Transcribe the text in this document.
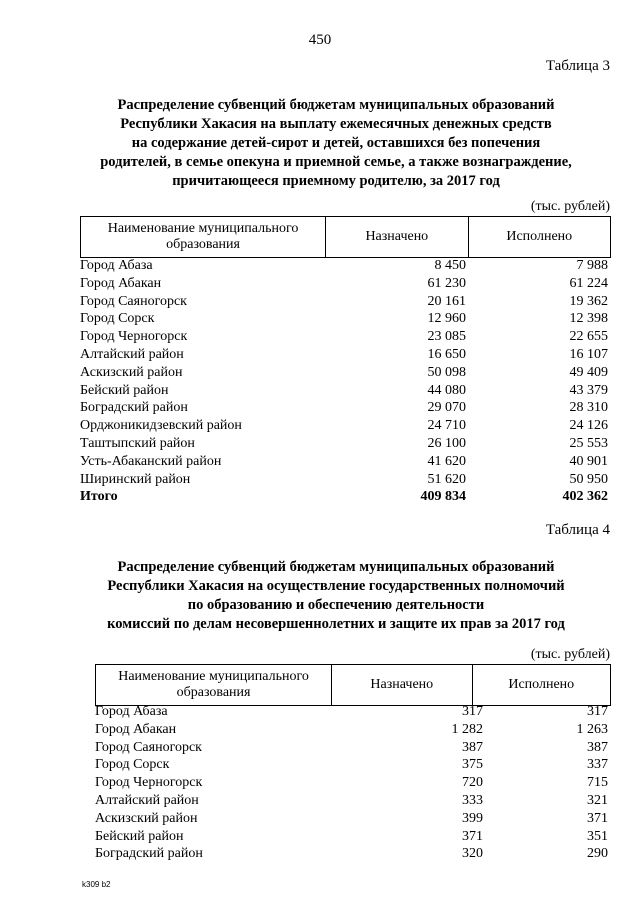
450
Таблица 3
Распределение субвенций бюджетам муниципальных образований
Республики Хакасия на выплату ежемесячных денежных средств
на содержание детей-сирот и детей, оставшихся без попечения
родителей, в семье опекуна и приемной семье, а также вознаграждение,
причитающееся приемному родителю, за 2017 год
(тыс. рублей)
Наименование муниципального образования
Назначено	Исполнено
Город Абаза	8 450	7 988
Город Абакан	61 230	61 224
Город Саяногорск	20 161	19 362
Город Сорск	12 960	12 398
Город Черногорск	23 085	22 655
Алтайский район	16 650	16 107
Аскизский район	50 098	49 409
Бейский район	44 080	43 379
Боградский район	29 070	28 310
Орджоникидзевский район	24 710	24 126
Таштыпский район	26 100	25 553
Усть-Абаканский район	41 620	40 901
Ширинский район	51 620	50 950
Итого	409 834	402 362
Таблица 4
Распределение субвенций бюджетам муниципальных образований
Республики Хакасия на осуществление государственных полномочий
по образованию и обеспечению деятельности
комиссий по делам несовершеннолетних и защите их прав за 2017 год
(тыс. рублей)
Наименование муниципального образования
Назначено	Исполнено
Город Абаза	317	317
Город Абакан	1 282	1 263
Город Саяногорск	387	387
Город Сорск	375	337
Город Черногорск	720	715
Алтайский район	333	321
Аскизский район	399	371
Бейский район	371	351
Боградский район	320	290
k309 b2
